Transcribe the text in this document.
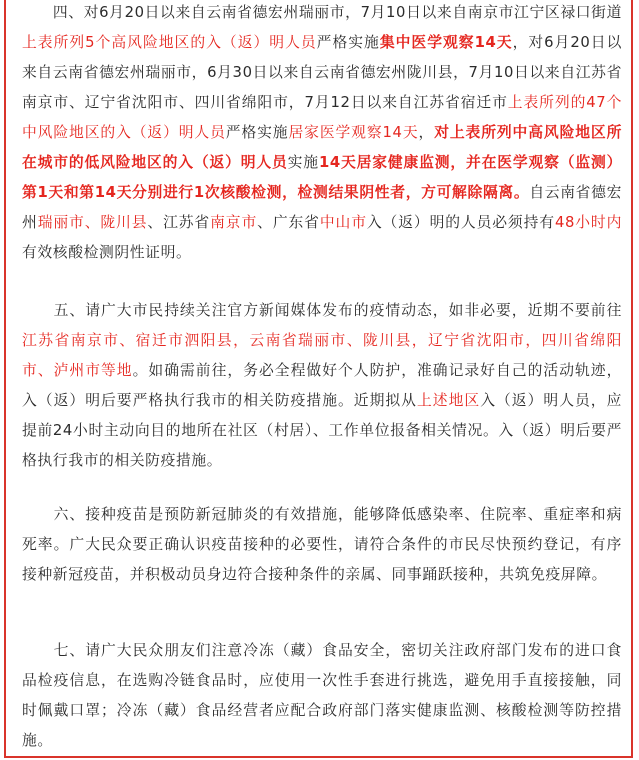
　　四、对6月20日以来自云南省德宏州瑞丽市，7月10日以来自南京市江宁区禄口街道上表所列5个高风险地区的入（返）明人员严格实施集中医学观察14天，对6月20日以来自云南省德宏州瑞丽市，6月30日以来自云南省德宏州陇川县，7月10日以来自江苏省南京市、辽宁省沈阳市、四川省绵阳市，7月12日以来自江苏省宿迁市上表所列的47个中风险地区的入（返）明人员严格实施居家医学观察14天，对上表所列中高风险地区所在城市的低风险地区的入（返）明人员实施14天居家健康监测，并在医学观察（监测）第1天和第14天分别进行1次核酸检测，检测结果阴性者，方可解除隔离。自云南省德宏州瑞丽市、陇川县、江苏省南京市、广东省中山市入（返）明的人员必须持有48小时内有效核酸检测阴性证明。

　　五、请广大市民持续关注官方新闻媒体发布的疫情动态，如非必要，近期不要前往江苏省南京市、宿迁市泗阳县，云南省瑞丽市、陇川县，辽宁省沈阳市，四川省绵阳市、泸州市等地。如确需前往，务必全程做好个人防护，准确记录好自己的活动轨迹，入（返）明后要严格执行我市的相关防疫措施。近期拟从上述地区入（返）明人员，应提前24小时主动向目的地所在社区（村居）、工作单位报备相关情况。入（返）明后要严格执行我市的相关防疫措施。

　　六、接种疫苗是预防新冠肺炎的有效措施，能够降低感染率、住院率、重症率和病死率。广大民众要正确认识疫苗接种的必要性，请符合条件的市民尽快预约登记，有序接种新冠疫苗，并积极动员身边符合接种条件的亲属、同事踊跃接种，共筑免疫屏障。

　　七、请广大民众朋友们注意冷冻（藏）食品安全，密切关注政府部门发布的进口食品检疫信息，在选购冷链食品时，应使用一次性手套进行挑选，避免用手直接接触，同时佩戴口罩；冷冻（藏）食品经营者应配合政府部门落实健康监测、核酸检测等防控措施。
